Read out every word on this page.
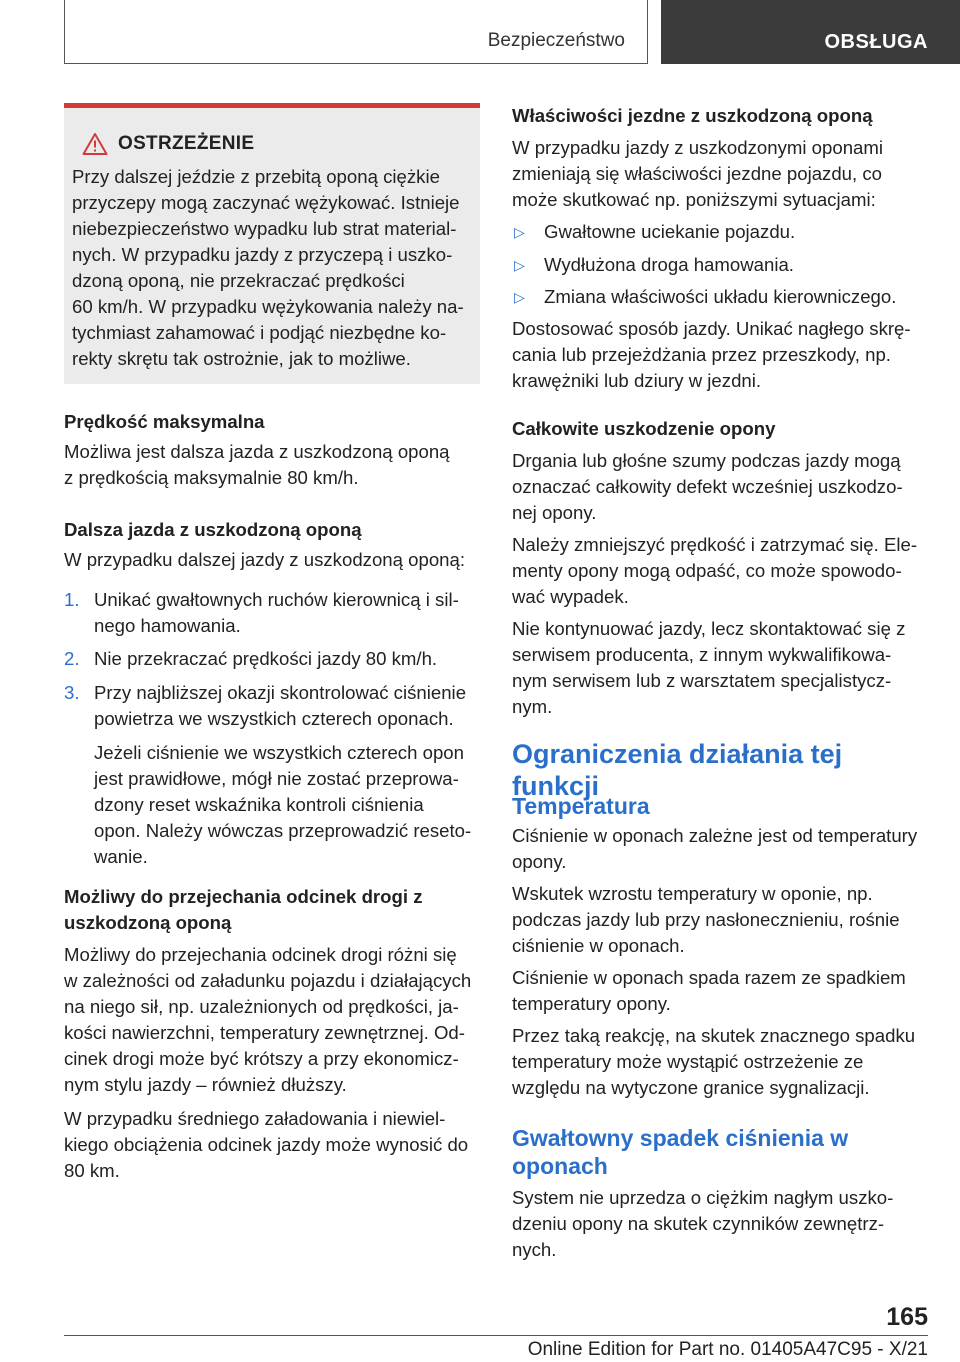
Bezpieczeństwo	OBSŁUGA
OSTRZEŻENIE

Przy dalszej jeździe z przebitą oponą ciężkie

przyczepy mogą zaczynać wężykować. Istnieje

niebezpieczeństwo wypadku lub strat material-

nych. W przypadku jazdy z przyczepą i uszko-

dzoną oponą, nie przekraczać prędkości

60 km/h. W przypadku wężykowania należy na-

tychmiast zahamować i podjąć niezbędne ko-

rekty skrętu tak ostrożnie, jak to możliwe.

Prędkość maksymalna

Możliwa jest dalsza jazda z uszkodzoną oponą

z prędkością maksymalnie 80 km/h.

Dalsza jazda z uszkodzoną oponą

W przypadku dalszej jazdy z uszkodzoną oponą:

1. Unikać gwałtownych ruchów kierownicą i sil-

nego hamowania.

2. Nie przekraczać prędkości jazdy 80 km/h.

3. Przy najbliższej okazji skontrolować ciśnienie

powietrza we wszystkich czterech oponach.

Jeżeli ciśnienie we wszystkich czterech opon

jest prawidłowe, mógł nie zostać przeprowa-

dzony reset wskaźnika kontroli ciśnienia

opon. Należy wówczas przeprowadzić reseto-

wanie.

Możliwy do przejechania odcinek drogi z

uszkodzoną oponą

Możliwy do przejechania odcinek drogi różni się

w zależności od załadunku pojazdu i działających

na niego sił, np. uzależnionych od prędkości, ja-

kości nawierzchni, temperatury zewnętrznej. Od-

cinek drogi może być krótszy a przy ekonomicz-

nym stylu jazdy – również dłuższy.

W przypadku średniego załadowania i niewiel-

kiego obciążenia odcinek jazdy może wynosić do

80 km.

Właściwości jezdne z uszkodzoną oponą

W przypadku jazdy z uszkodzonymi oponami

zmieniają się właściwości jezdne pojazdu, co

może skutkować np. poniższymi sytuacjami:

▷	Gwałtowne uciekanie pojazdu.

▷	Wydłużona droga hamowania.

▷	Zmiana właściwości układu kierowniczego.

Dostosować sposób jazdy. Unikać nagłego skrę-

cania lub przejeżdżania przez przeszkody, np.

krawężniki lub dziury w jezdni.

Całkowite uszkodzenie opony

Drgania lub głośne szumy podczas jazdy mogą

oznaczać całkowity defekt wcześniej uszkodzo-

nej opony.

Należy zmniejszyć prędkość i zatrzymać się. Ele-

menty opony mogą odpaść, co może spowodo-

wać wypadek.

Nie kontynuować jazdy, lecz skontaktować się z

serwisem producenta, z innym wykwalifikowa-

nym serwisem lub z warsztatem specjalistycz-

nym.

Ograniczenia działania tej funkcji

Temperatura

Ciśnienie w oponach zależne jest od temperatury

opony.

Wskutek wzrostu temperatury w oponie, np.

podczas jazdy lub przy nasłonecznieniu, rośnie

ciśnienie w oponach.

Ciśnienie w oponach spada razem ze spadkiem

temperatury opony.

Przez taką reakcję, na skutek znacznego spadku

temperatury może wystąpić ostrzeżenie ze

względu na wytyczone granice sygnalizacji.

Gwałtowny spadek ciśnienia w

oponach

System nie uprzedza o ciężkim nagłym uszko-

dzeniu opony na skutek czynników zewnętrz-

nych.

165
Online Edition for Part no. 01405A47C95 - X/21
